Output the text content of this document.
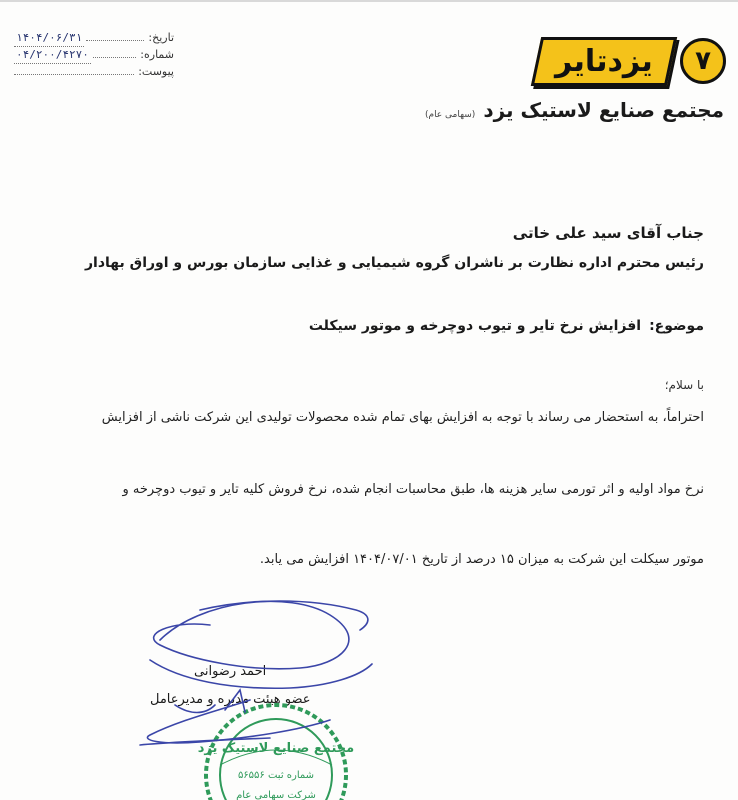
تاریخ:
۱۴۰۴/۰۶/۳۱
شماره:
۰۴/۲۰۰/۴۲۷۰
پیوست:	یزدتایر	۷
مجتمع صنایع لاستیک یزد
(سهامی عام)
جناب آقای سید علی خاتی
رئیس محترم اداره نظارت بر ناشران گروه شیمیایی و غذایی سازمان بورس و اوراق بهادار
موضوع:
افزایش نرخ تایر و تیوب دوچرخه و موتور سیکلت
با سلام؛
احتراماً، به استحضار می رساند با توجه به افزایش بهای تمام شده محصولات تولیدی این شرکت ناشی از افزایش
نرخ مواد اولیه و اثر تورمی سایر هزینه ها، طبق محاسبات انجام شده، نرخ فروش کلیه تایر و تیوب دوچرخه و
موتور سیکلت این شرکت به میزان ۱۵ درصد از تاریخ ۱۴۰۴/۰۷/۰۱ افزایش می یابد.
احمد رضوانی
عضو هیئت مدیره و مدیرعامل
مجتمع صنایع لاستیک یزد
شماره ثبت ۵۶۵۵۶
شرکت سهامی عام
